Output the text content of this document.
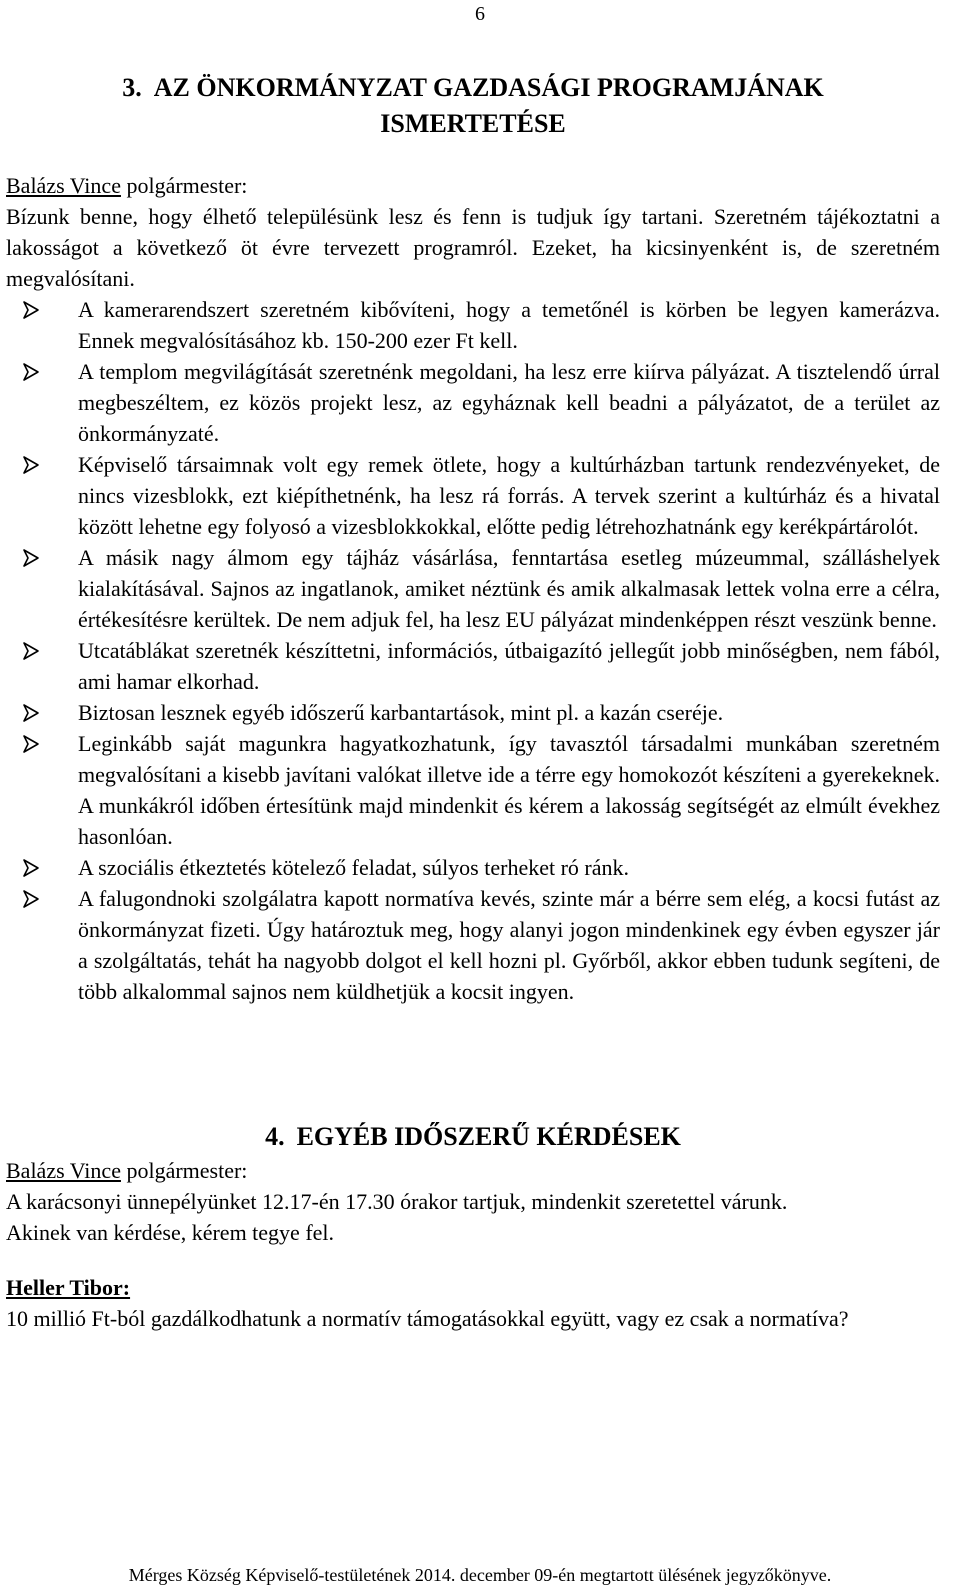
6
3. AZ ÖNKORMÁNYZAT GAZDASÁGI PROGRAMJÁNAK
ISMERTETÉSE
Balázs Vince polgármester:

Bízunk benne, hogy élhető településünk lesz és fenn is tudjuk így tartani. Szeretném tájékoztatni a lakosságot a következő öt évre tervezett programról. Ezeket, ha kicsinyenként is, de szeretném megvalósítani.

A kamerarendszert szeretném kibővíteni, hogy a temetőnél is körben be legyen kamerázva. Ennek megvalósításához kb. 150-200 ezer Ft kell.
A templom megvilágítását szeretnénk megoldani, ha lesz erre kiírva pályázat. A tisztelendő úrral megbeszéltem, ez közös projekt lesz, az egyháznak kell beadni a pályázatot, de a terület az önkormányzaté.
Képviselő társaimnak volt egy remek ötlete, hogy a kultúrházban tartunk rendezvényeket, de nincs vizesblokk, ezt kiépíthetnénk, ha lesz rá forrás. A tervek szerint a kultúrház és a hivatal között lehetne egy folyosó a vizesblokkokkal, előtte pedig létrehozhatnánk egy kerékpártárolót.
A másik nagy álmom egy tájház vásárlása, fenntartása esetleg múzeummal, szálláshelyek kialakításával. Sajnos az ingatlanok, amiket néztünk és amik alkalmasak lettek volna erre a célra, értékesítésre kerültek. De nem adjuk fel, ha lesz EU pályázat mindenképpen részt veszünk benne.
Utcatáblákat szeretnék készíttetni, információs, útbaigazító jellegűt jobb minőségben, nem fából, ami hamar elkorhad.
Biztosan lesznek egyéb időszerű karbantartások, mint pl. a kazán cseréje.
Leginkább saját magunkra hagyatkozhatunk, így tavasztól társadalmi munkában szeretném megvalósítani a kisebb javítani valókat illetve ide a térre egy homokozót készíteni a gyerekeknek. A munkákról időben értesítünk majd mindenkit és kérem a lakosság segítségét az elmúlt évekhez hasonlóan.
A szociális étkeztetés kötelező feladat, súlyos terheket ró ránk.
A falugondnoki szolgálatra kapott normatíva kevés, szinte már a bérre sem elég, a kocsi futást az önkormányzat fizeti. Úgy határoztuk meg, hogy alanyi jogon mindenkinek egy évben egyszer jár a szolgáltatás, tehát ha nagyobb dolgot el kell hozni pl. Győrből, akkor ebben tudunk segíteni, de több alkalommal sajnos nem küldhetjük a kocsit ingyen.
4. EGYÉB IDŐSZERŰ KÉRDÉSEK
Balázs Vince polgármester:

A karácsonyi ünnepélyünket 12.17-én 17.30 órakor tartjuk, mindenkit szeretettel várunk.

Akinek van kérdése, kérem tegye fel.

Heller Tibor:

10 millió Ft-ból gazdálkodhatunk a normatív támogatásokkal együtt, vagy ez csak a normatíva?

Mérges Község Képviselő-testületének 2014. december 09-én megtartott ülésének jegyzőkönyve.
